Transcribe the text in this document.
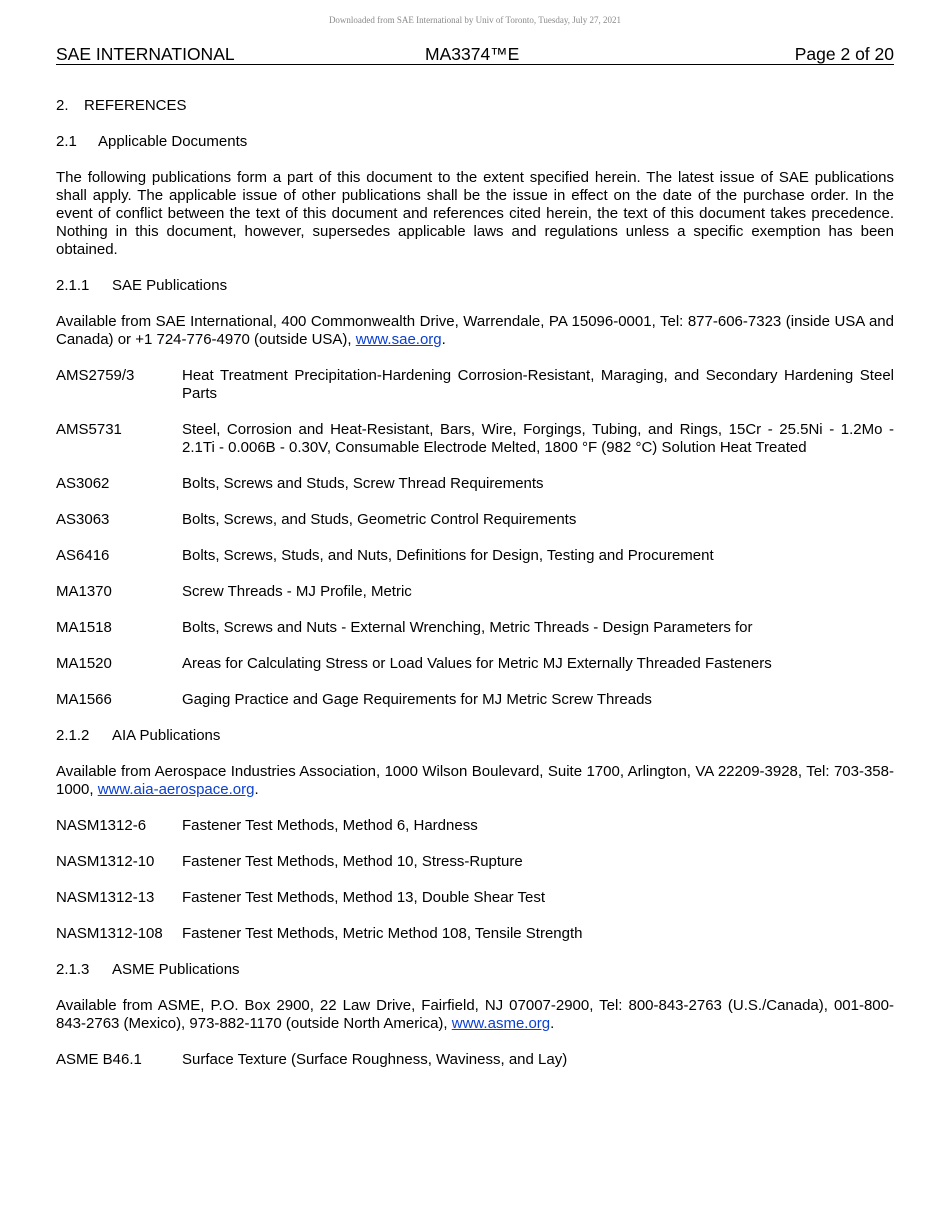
Downloaded from SAE International by Univ of Toronto, Tuesday, July 27, 2021
SAE INTERNATIONAL	MA3374™E	Page 2 of 20
2. REFERENCES
2.1 Applicable Documents
The following publications form a part of this document to the extent specified herein. The latest issue of SAE publications shall apply. The applicable issue of other publications shall be the issue in effect on the date of the purchase order. In the event of conflict between the text of this document and references cited herein, the text of this document takes precedence. Nothing in this document, however, supersedes applicable laws and regulations unless a specific exemption has been obtained.
2.1.1 SAE Publications
Available from SAE International, 400 Commonwealth Drive, Warrendale, PA 15096-0001, Tel: 877-606-7323 (inside USA and Canada) or +1 724-776-4970 (outside USA), www.sae.org.
AMS2759/3	Heat Treatment Precipitation-Hardening Corrosion-Resistant, Maraging, and Secondary Hardening Steel Parts
AMS5731	Steel, Corrosion and Heat-Resistant, Bars, Wire, Forgings, Tubing, and Rings, 15Cr - 25.5Ni - 1.2Mo - 2.1Ti - 0.006B - 0.30V, Consumable Electrode Melted, 1800 °F (982 °C) Solution Heat Treated
AS3062	Bolts, Screws and Studs, Screw Thread Requirements
AS3063	Bolts, Screws, and Studs, Geometric Control Requirements
AS6416	Bolts, Screws, Studs, and Nuts, Definitions for Design, Testing and Procurement
MA1370	Screw Threads - MJ Profile, Metric
MA1518	Bolts, Screws and Nuts - External Wrenching, Metric Threads - Design Parameters for
MA1520	Areas for Calculating Stress or Load Values for Metric MJ Externally Threaded Fasteners
MA1566	Gaging Practice and Gage Requirements for MJ Metric Screw Threads
2.1.2 AIA Publications
Available from Aerospace Industries Association, 1000 Wilson Boulevard, Suite 1700, Arlington, VA 22209-3928, Tel: 703-358-1000, www.aia-aerospace.org.
NASM1312-6	Fastener Test Methods, Method 6, Hardness
NASM1312-10	Fastener Test Methods, Method 10, Stress-Rupture
NASM1312-13	Fastener Test Methods, Method 13, Double Shear Test
NASM1312-108	Fastener Test Methods, Metric Method 108, Tensile Strength
2.1.3 ASME Publications
Available from ASME, P.O. Box 2900, 22 Law Drive, Fairfield, NJ 07007-2900, Tel: 800-843-2763 (U.S./Canada), 001-800-843-2763 (Mexico), 973-882-1170 (outside North America), www.asme.org.
ASME B46.1	Surface Texture (Surface Roughness, Waviness, and Lay)
